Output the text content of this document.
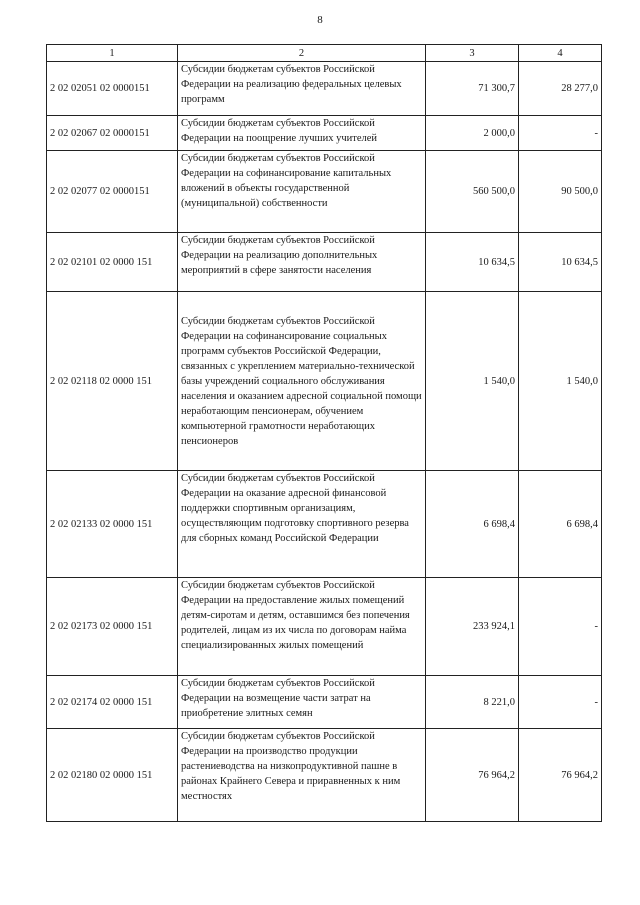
8
1	2	3	4
2 02 02051 02 0000151	Субсидии бюджетам субъектов Российской Федерации на реализацию федеральных целевых программ	71 300,7	28 277,0
2 02 02067 02 0000151	Субсидии бюджетам субъектов Российской Федерации на поощрение лучших учителей	2 000,0	-
2 02 02077 02 0000151	Субсидии бюджетам субъектов Российской Федерации на софинансирование капитальных вложений в объекты государственной (муниципальной) собственности	560 500,0	90 500,0
2 02 02101 02 0000 151	Субсидии бюджетам субъектов Российской Федерации на реализацию дополнительных мероприятий в сфере занятости населения	10 634,5	10 634,5
2 02 02118 02 0000 151	Субсидии бюджетам субъектов Российской Федерации на софинансирование социальных программ субъектов Российской Федерации, связанных с укреплением материально-технической базы учреждений социального обслуживания населения и оказанием адресной социальной помощи неработающим пенсионерам, обучением компьютерной грамотности неработающих пенсионеров	1 540,0	1 540,0
2 02 02133 02 0000 151	Субсидии бюджетам субъектов Российской Федерации на оказание адресной финансовой поддержки спортивным организациям, осуществляющим подготовку спортивного резерва для сборных команд Российской Федерации	6 698,4	6 698,4
2 02 02173 02 0000 151	Субсидии бюджетам субъектов Российской Федерации на предоставление жилых помещений детям-сиротам и детям, оставшимся без попечения родителей, лицам из их числа по договорам найма специализированных жилых помещений	233 924,1	-
2 02 02174 02 0000 151	Субсидии бюджетам субъектов Российской Федерации на возмещение части затрат на приобретение элитных семян	8 221,0	-
2 02 02180 02 0000 151	Субсидии бюджетам субъектов Российской Федерации на производство продукции растениеводства на низкопродуктивной пашне в районах Крайнего Севера и приравненных к ним местностях	76 964,2	76 964,2
